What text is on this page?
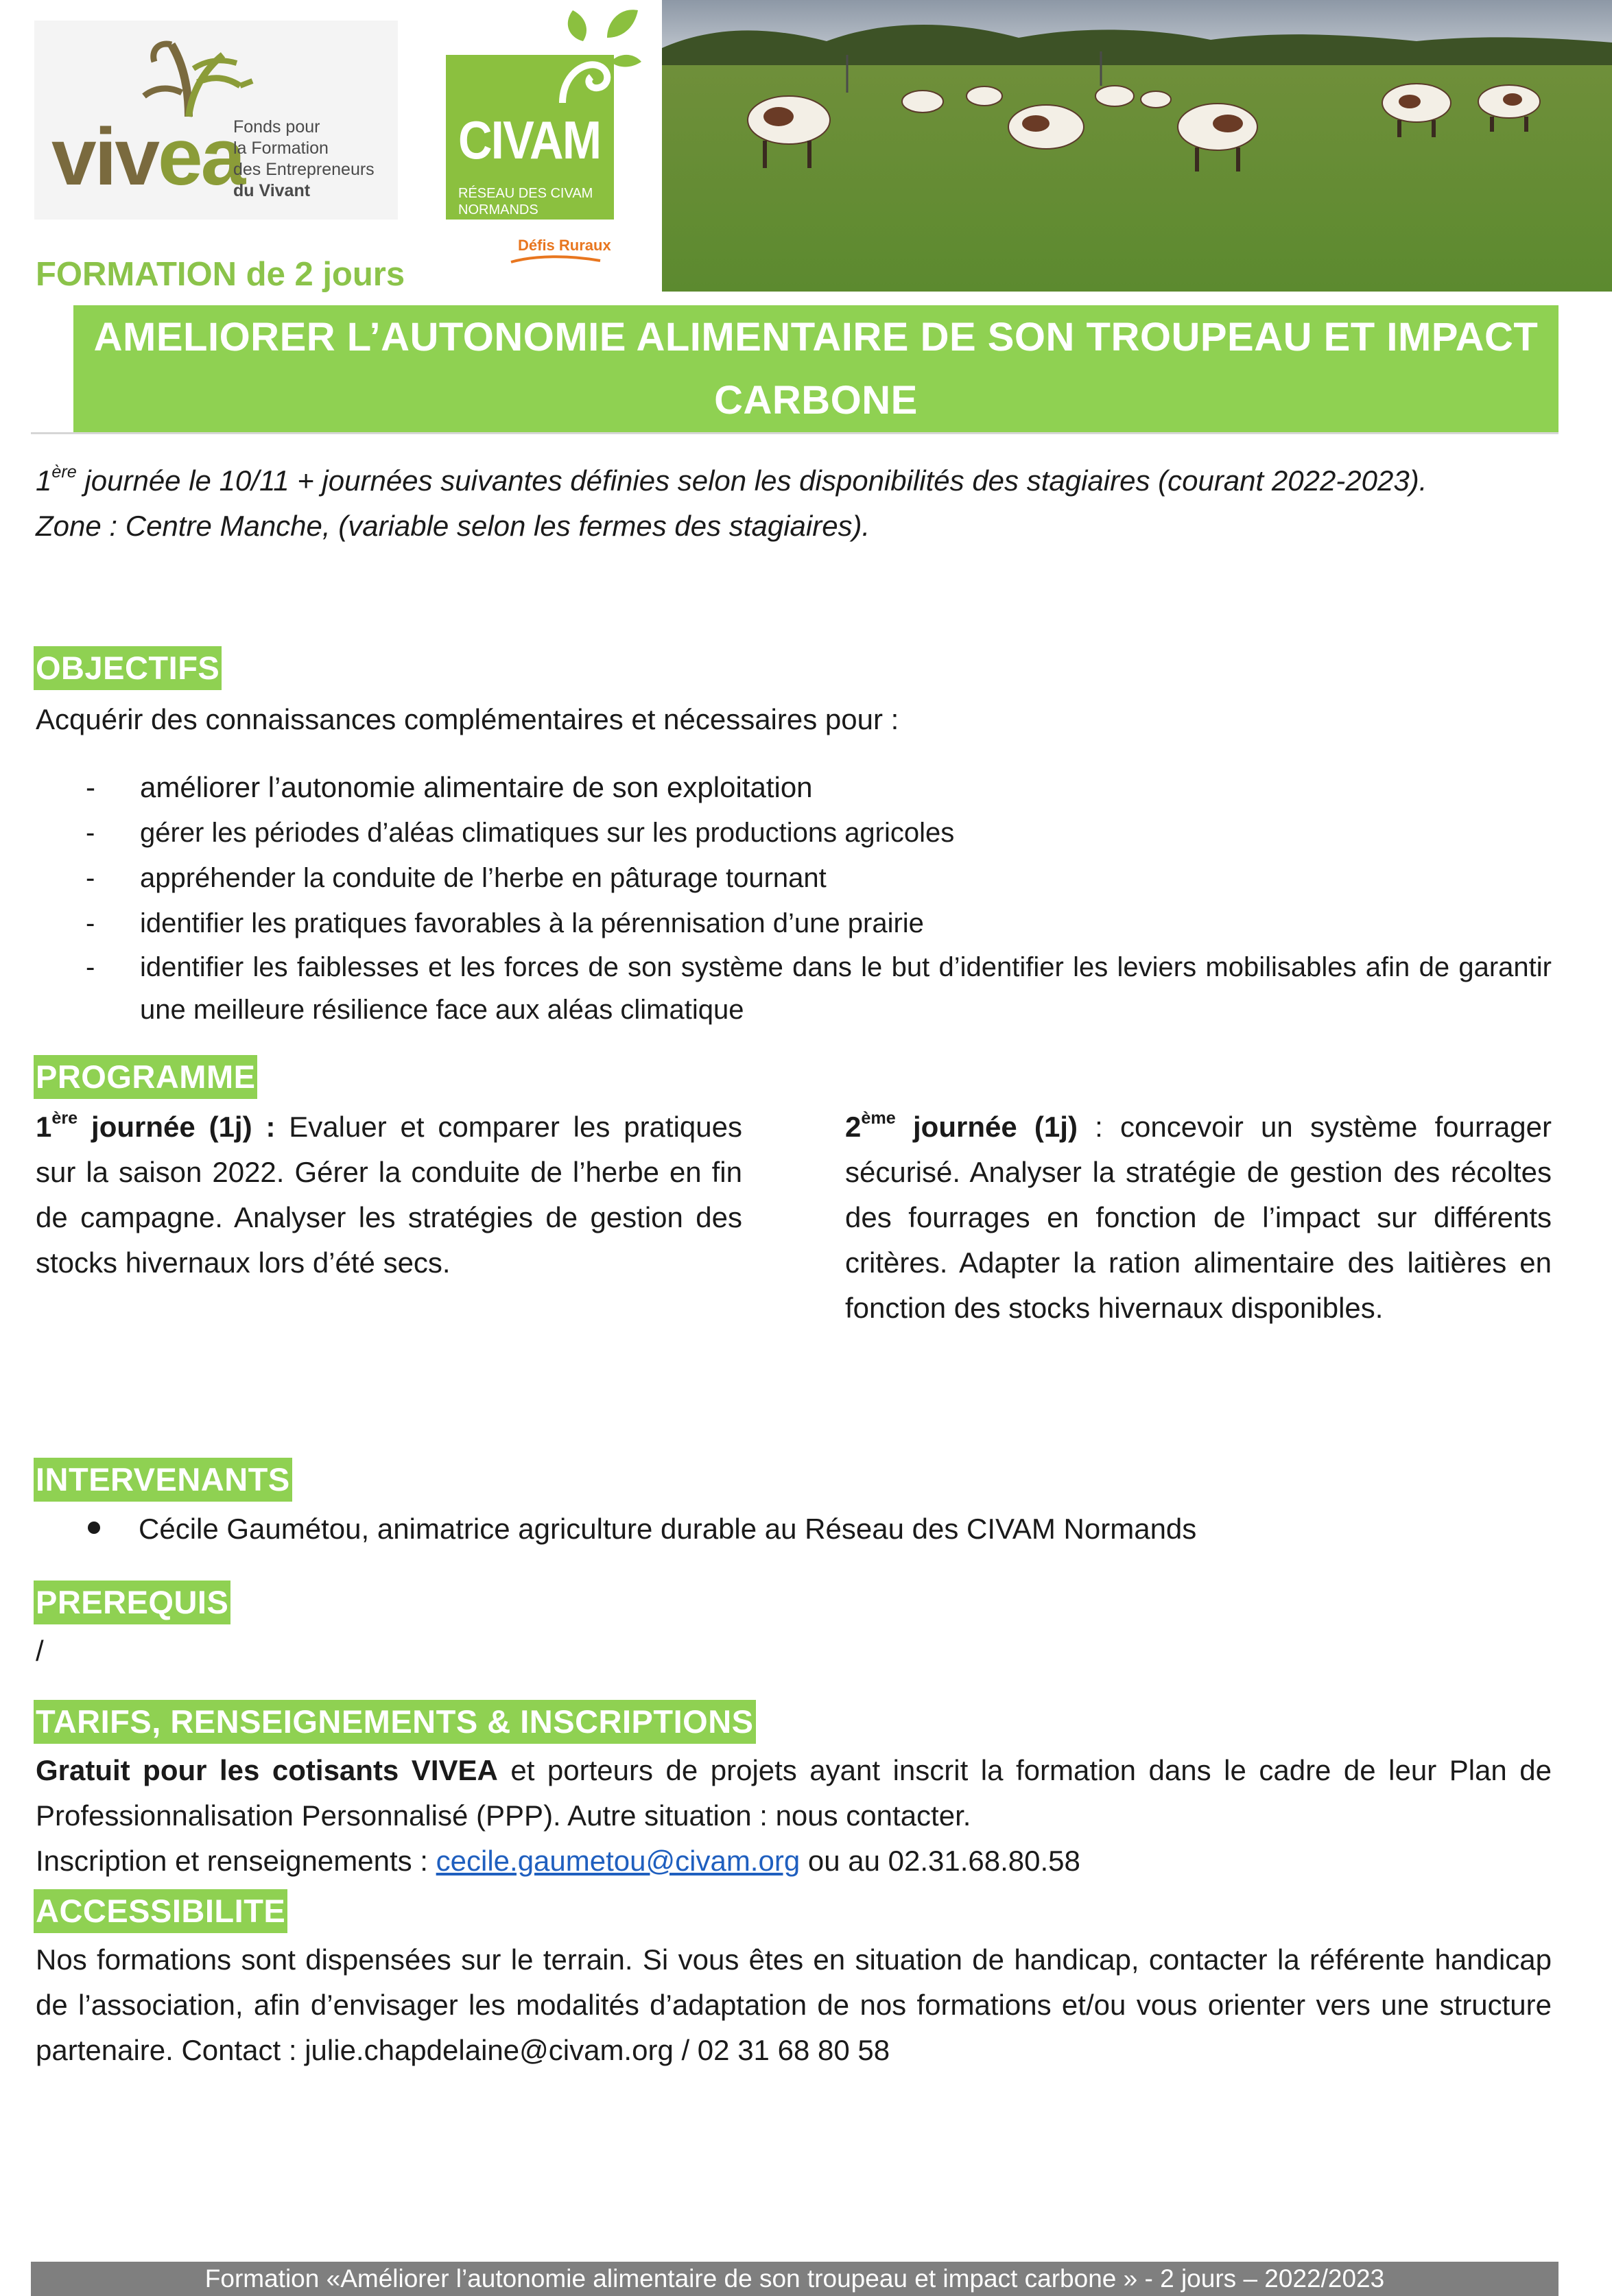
vivea
Fonds pour
la Formation
des Entrepreneurs
du Vivant
CIVAM
RÉSEAU DES CIVAM
NORMANDS
Défis Ruraux
FORMATION de 2 jours
AMELIORER L’AUTONOMIE ALIMENTAIRE DE SON TROUPEAU ET IMPACT
CARBONE
1ère journée le 10/11 + journées suivantes définies selon les disponibilités des stagiaires (courant 2022-2023).
Zone : Centre Manche, (variable selon les fermes des stagiaires).
OBJECTIFS
Acquérir des connaissances complémentaires et nécessaires pour :
- améliorer l’autonomie alimentaire de son exploitation
- gérer les périodes d’aléas climatiques sur les productions agricoles
- appréhender la conduite de l’herbe en pâturage tournant
- identifier les pratiques favorables à la pérennisation d’une prairie
- identifier les faiblesses et les forces de son système dans le but d’identifier les leviers mobilisables afin de garantir une meilleure résilience face aux aléas climatique
PROGRAMME
1ère journée (1j) : Evaluer et comparer les pratiques sur la saison 2022. Gérer la conduite de l’herbe en fin de campagne. Analyser les stratégies de gestion des stocks hivernaux lors d’été secs.
2ème journée (1j) : concevoir un système fourrager sécurisé. Analyser la stratégie de gestion des récoltes des fourrages en fonction de l’impact sur différents critères. Adapter la ration alimentaire des laitières en fonction des stocks hivernaux disponibles.
INTERVENANTS
Cécile Gaumétou, animatrice agriculture durable au Réseau des CIVAM Normands
PREREQUIS
/
TARIFS, RENSEIGNEMENTS & INSCRIPTIONS
Gratuit pour les cotisants VIVEA et porteurs de projets ayant inscrit la formation dans le cadre de leur Plan de Professionnalisation Personnalisé (PPP). Autre situation : nous contacter.
Inscription et renseignements : cecile.gaumetou@civam.org ou au 02.31.68.80.58
ACCESSIBILITE
Nos formations sont dispensées sur le terrain. Si vous êtes en situation de handicap, contacter la référente handicap de l’association, afin d’envisager les modalités d’adaptation de nos formations et/ou vous orienter vers une structure partenaire. Contact : julie.chapdelaine@civam.org / 02 31 68 80 58
Formation «Améliorer l’autonomie alimentaire de son troupeau et impact carbone » - 2 jours – 2022/2023
